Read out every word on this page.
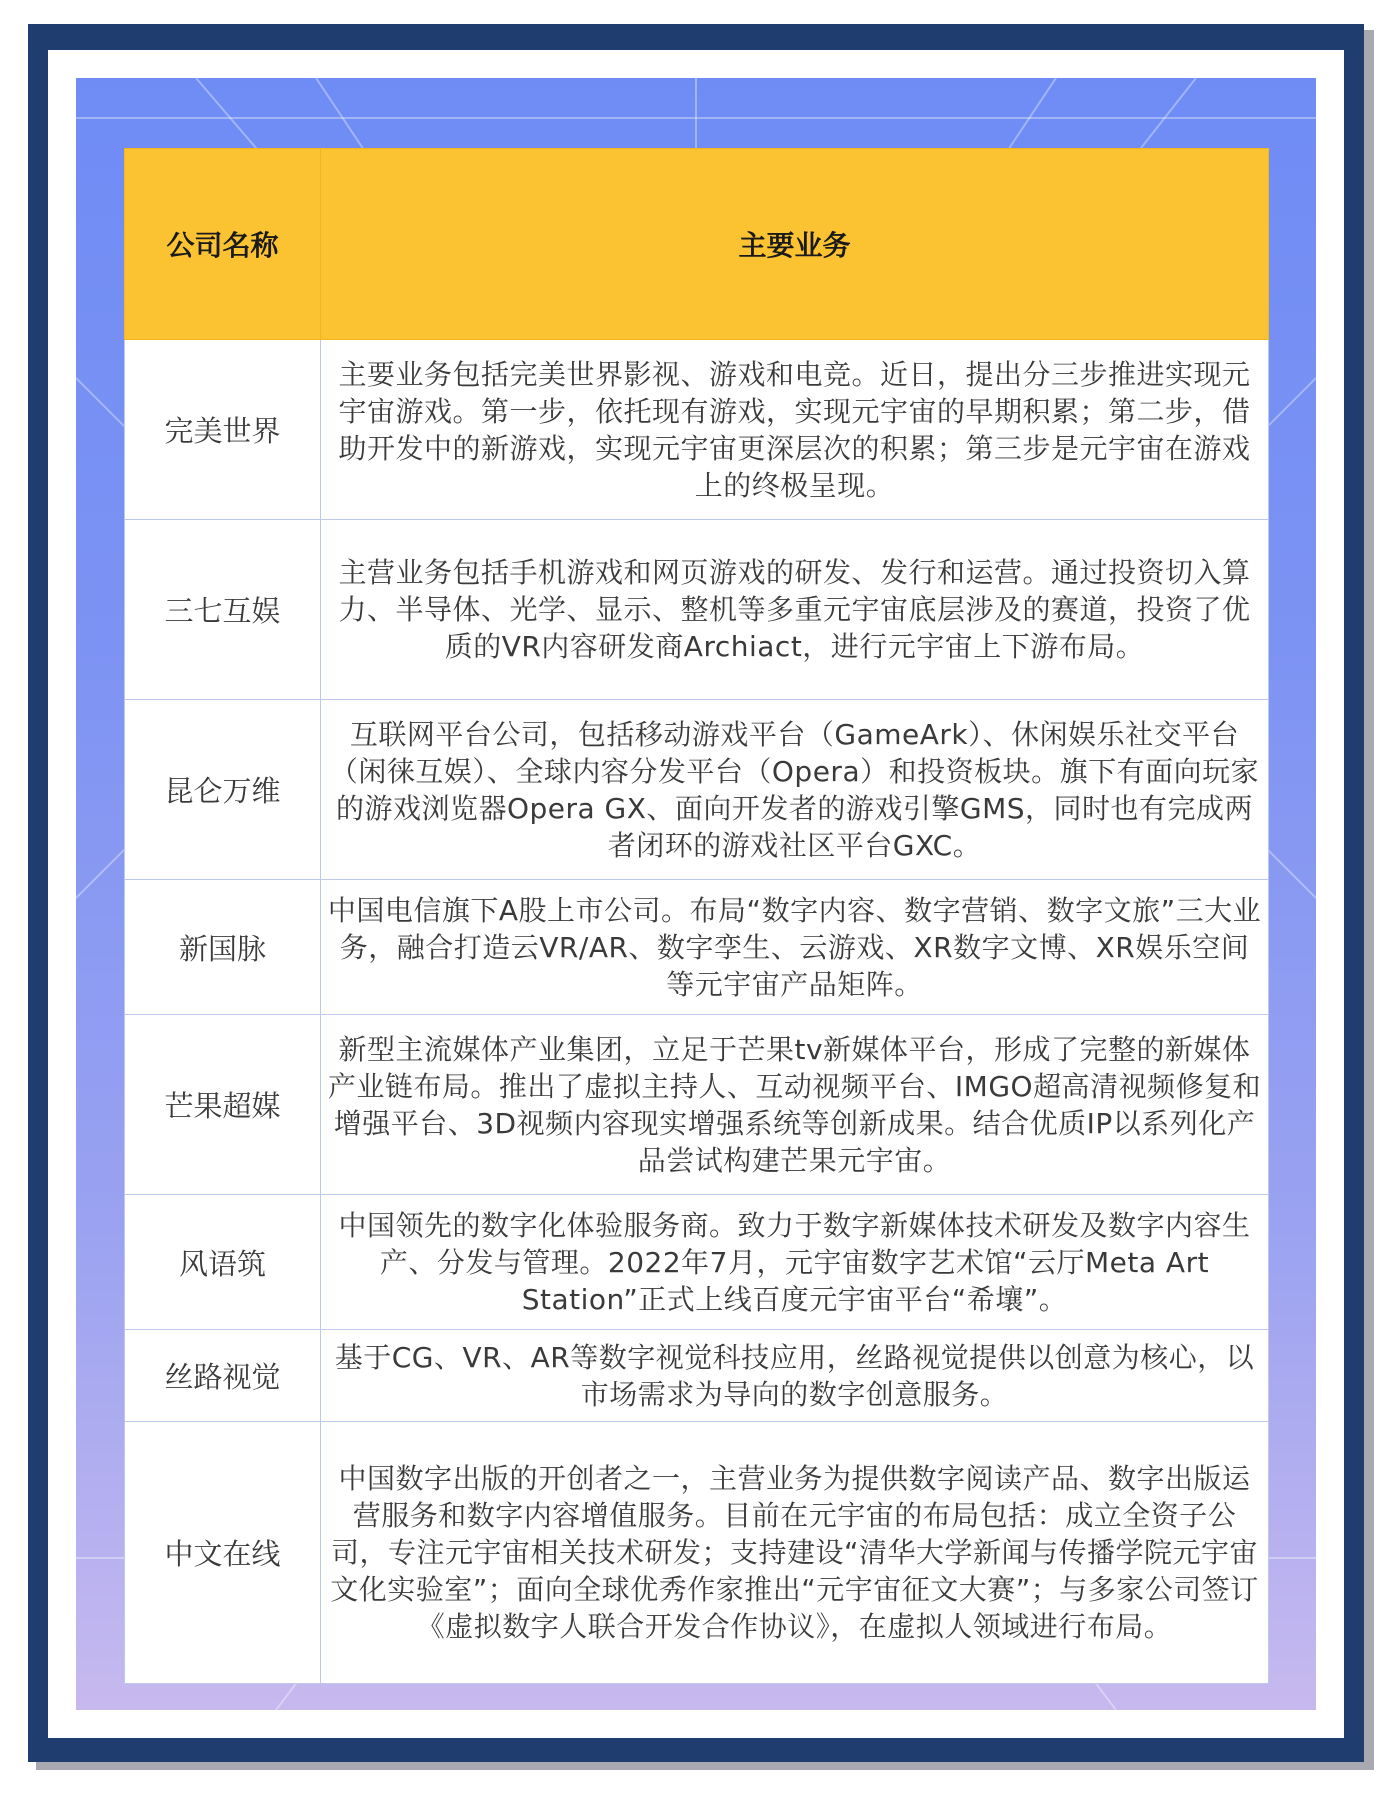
公司名称	主要业务
完美世界	主要业务包括完美世界影视、游戏和电竞。近日，提出分三步推进实现元宇宙游戏。第一步，依托现有游戏，实现元宇宙的早期积累；第二步，借助开发中的新游戏，实现元宇宙更深层次的积累；第三步是元宇宙在游戏上的终极呈现。
三七互娱	主营业务包括手机游戏和网页游戏的研发、发行和运营。通过投资切入算力、半导体、光学、显示、整机等多重元宇宙底层涉及的赛道，投资了优质的VR内容研发商Archiact，进行元宇宙上下游布局。
昆仑万维	互联网平台公司，包括移动游戏平台（GameArk）、休闲娱乐社交平台（闲徕互娱）、全球内容分发平台（Opera）和投资板块。旗下有面向玩家的游戏浏览器Opera GX、面向开发者的游戏引擎GMS，同时也有完成两者闭环的游戏社区平台GXC。
新国脉	中国电信旗下A股上市公司。布局“数字内容、数字营销、数字文旅”三大业务，融合打造云VR/AR、数字孪生、云游戏、XR数字文博、XR娱乐空间等元宇宙产品矩阵。
芒果超媒	新型主流媒体产业集团，立足于芒果tv新媒体平台，形成了完整的新媒体产业链布局。推出了虚拟主持人、互动视频平台、IMGO超高清视频修复和增强平台、3D视频内容现实增强系统等创新成果。结合优质IP以系列化产品尝试构建芒果元宇宙。
风语筑	中国领先的数字化体验服务商。致力于数字新媒体技术研发及数字内容生产、分发与管理。2022年7月，元宇宙数字艺术馆“云厅Meta Art Station”正式上线百度元宇宙平台“希壤”。
丝路视觉	基于CG、VR、AR等数字视觉科技应用，丝路视觉提供以创意为核心，以市场需求为导向的数字创意服务。
中文在线	中国数字出版的开创者之一，主营业务为提供数字阅读产品、数字出版运营服务和数字内容增值服务。目前在元宇宙的布局包括：成立全资子公司，专注元宇宙相关技术研发；支持建设“清华大学新闻与传播学院元宇宙文化实验室”；面向全球优秀作家推出“元宇宙征文大赛”；与多家公司签订《虚拟数字人联合开发合作协议》，在虚拟人领域进行布局。
